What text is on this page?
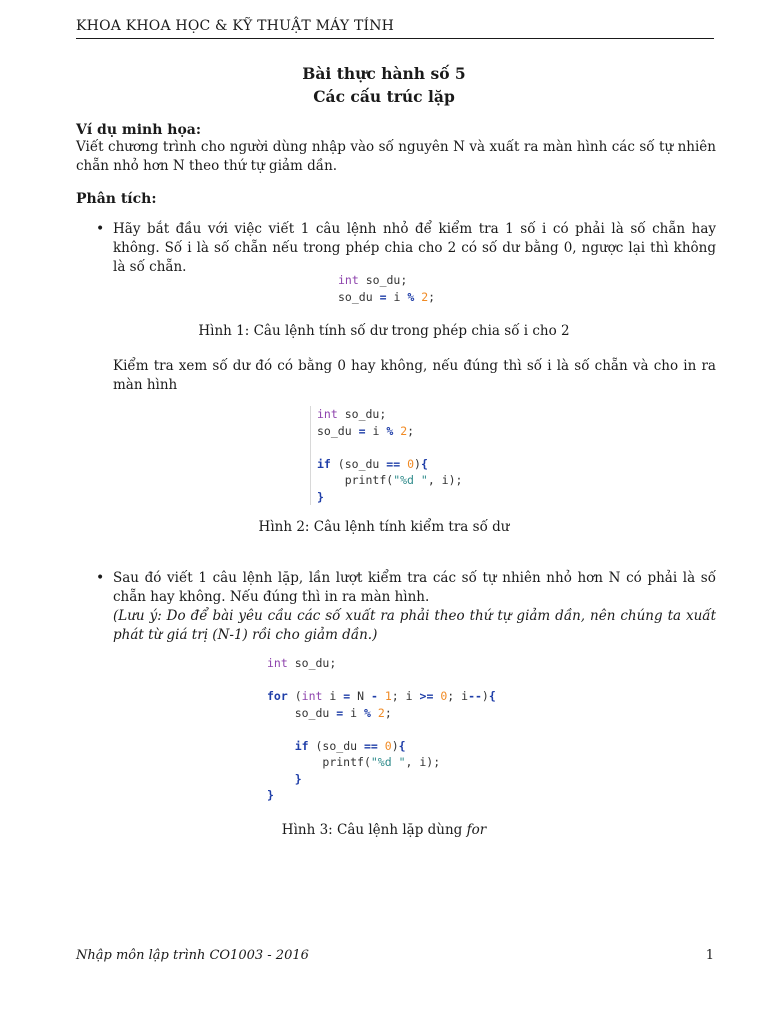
KHOA KHOA HỌC & KỸ THUẬT MÁY TÍNH
Bài thực hành số 5
Các cấu trúc lặp
Ví dụ minh họa:
Viết chương trình cho người dùng nhập vào số nguyên N và xuất ra màn hình các số tự nhiên chẵn nhỏ hơn N theo thứ tự giảm dần.
Phân tích:
• Hãy bắt đầu với việc viết 1 câu lệnh nhỏ để kiểm tra 1 số i có phải là số chẵn hay không. Số i là số chẵn nếu trong phép chia cho 2 có số dư bằng 0, ngược lại thì không là số chẵn.
int so_du;
so_du = i % 2;
Hình 1: Câu lệnh tính số dư trong phép chia số i cho 2
Kiểm tra xem số dư đó có bằng 0 hay không, nếu đúng thì số i là số chẵn và cho in ra màn hình
int so_du;
so_du = i % 2;

if (so_du == 0){
printf("%d ", i);
}
Hình 2: Câu lệnh tính kiểm tra số dư
• Sau đó viết 1 câu lệnh lặp, lần lượt kiểm tra các số tự nhiên nhỏ hơn N có phải là số chẵn hay không. Nếu đúng thì in ra màn hình.
(Lưu ý: Do để bài yêu cầu các số xuất ra phải theo thứ tự giảm dần, nên chúng ta xuất phát từ giá trị (N-1) rồi cho giảm dần.)
int so_du;

for (int i = N - 1; i >= 0; i--){
so_du = i % 2;

if (so_du == 0){
printf("%d ", i);
}
}
Hình 3: Câu lệnh lặp dùng for
Nhập môn lập trình CO1003 - 2016	1
